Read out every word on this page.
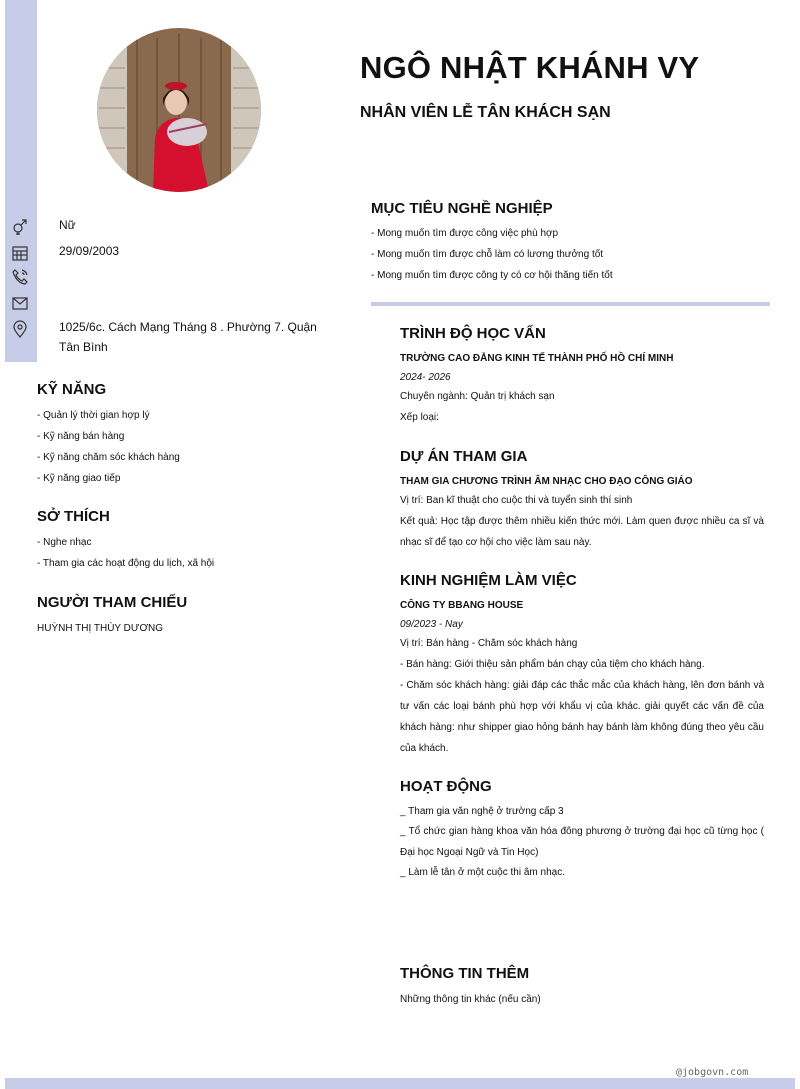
NGÔ NHẬT KHÁNH VY
NHÂN VIÊN LỄ TÂN KHÁCH SẠN
Nữ
29/09/2003
1025/6c. Cách Mạng Tháng 8 . Phường 7. Quận Tân Bình
KỸ NĂNG
- Quản lý thời gian hợp lý
- Kỹ năng bán hàng
- Kỹ năng chăm sóc khách hàng
- Kỹ năng giao tiếp
SỞ THÍCH
- Nghe nhạc
- Tham gia các hoạt động du lịch, xã hội
NGƯỜI THAM CHIẾU
HUỲNH THỊ THÙY DƯƠNG
MỤC TIÊU NGHỀ NGHIỆP
- Mong muốn tìm được công việc phù hợp
- Mong muốn tìm được chỗ làm có lương thưởng tốt
- Mong muốn tìm được công ty có cơ hội thăng tiến tốt
TRÌNH ĐỘ HỌC VẤN
TRƯỜNG CAO ĐẲNG KINH TẾ THÀNH PHỐ HỒ CHÍ MINH
2024- 2026
Chuyên ngành: Quản trị khách sạn
Xếp loại:
DỰ ÁN THAM GIA
THAM GIA CHƯƠNG TRÌNH ÂM NHẠC CHO ĐẠO CÔNG GIÁO
Vị trí: Ban kĩ thuật cho cuộc thi và tuyển sinh thí sinh
Kết quả: Học tập được thêm nhiều kiến thức mới. Làm quen được nhiều ca sĩ và nhạc sĩ để tạo cơ hội cho việc làm sau này.
KINH NGHIỆM LÀM VIỆC
CÔNG TY BBANG HOUSE
09/2023 - Nay
Vị trí: Bán hàng - Chăm sóc khách hàng
- Bán hàng: Giới thiệu sản phẩm bán chạy của tiệm cho khách hàng.
- Chăm sóc khách hàng: giải đáp các thắc mắc của khách hàng, lên đơn bánh và tư vấn các loại bánh phù hợp với khẩu vị của khác. giải quyết các vấn đề của khách hàng: như shipper giao hỏng bánh hay bánh làm không đúng theo yêu cầu của khách.
HOẠT ĐỘNG
_ Tham gia văn nghệ ở trường cấp 3
_ Tổ chức gian hàng khoa văn hóa đông phương ở trường đại học cũ từng học ( Đại học Ngoại Ngữ và Tin Học)
_ Làm lễ tân ở một cuộc thi âm nhạc.
THÔNG TIN THÊM
Những thông tin khác (nếu cần)
@jobgovn.com
